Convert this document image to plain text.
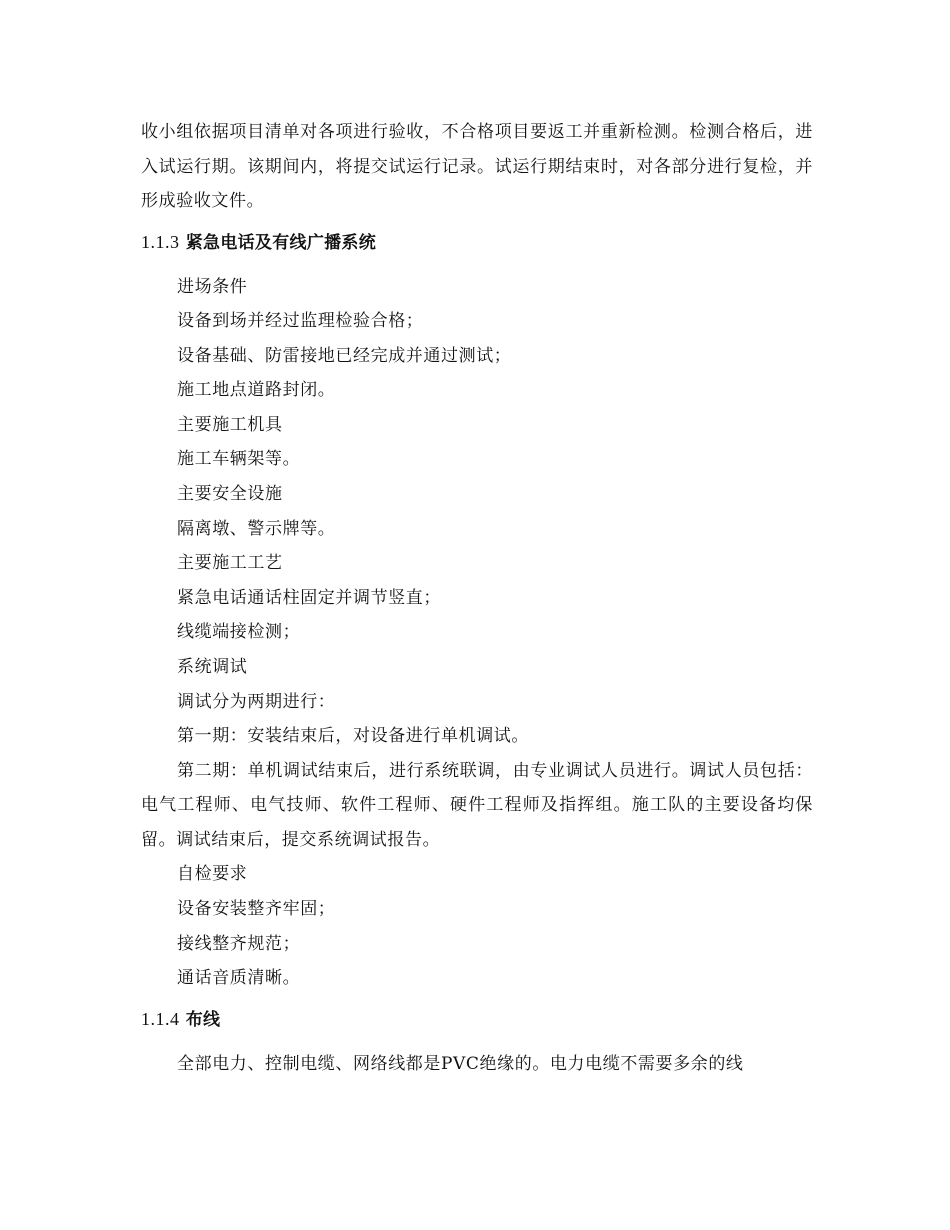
收小组依据项目清单对各项进行验收，不合格项目要返工并重新检测。检测合格后，进入试运行期。该期间内，将提交试运行记录。试运行期结束时，对各部分进行复检，并形成验收文件。

1.1.3 紧急电话及有线广播系统
进场条件
设备到场并经过监理检验合格；
设备基础、防雷接地已经完成并通过测试；
施工地点道路封闭。
主要施工机具
施工车辆架等。
主要安全设施
隔离墩、警示牌等。
主要施工工艺
紧急电话通话柱固定并调节竖直；
线缆端接检测；
系统调试
调试分为两期进行：
第一期：安装结束后，对设备进行单机调试。

第二期：单机调试结束后，进行系统联调，由专业调试人员进行。调试人员包括：电气工程师、电气技师、软件工程师、硬件工程师及指挥组。施工队的主要设备均保留。调试结束后，提交系统调试报告。

自检要求
设备安装整齐牢固；
接线整齐规范；
通话音质清晰。
1.1.4 布线

全部电力、控制电缆、网络线都是PVC绝缘的。电力电缆不需要多余的线
